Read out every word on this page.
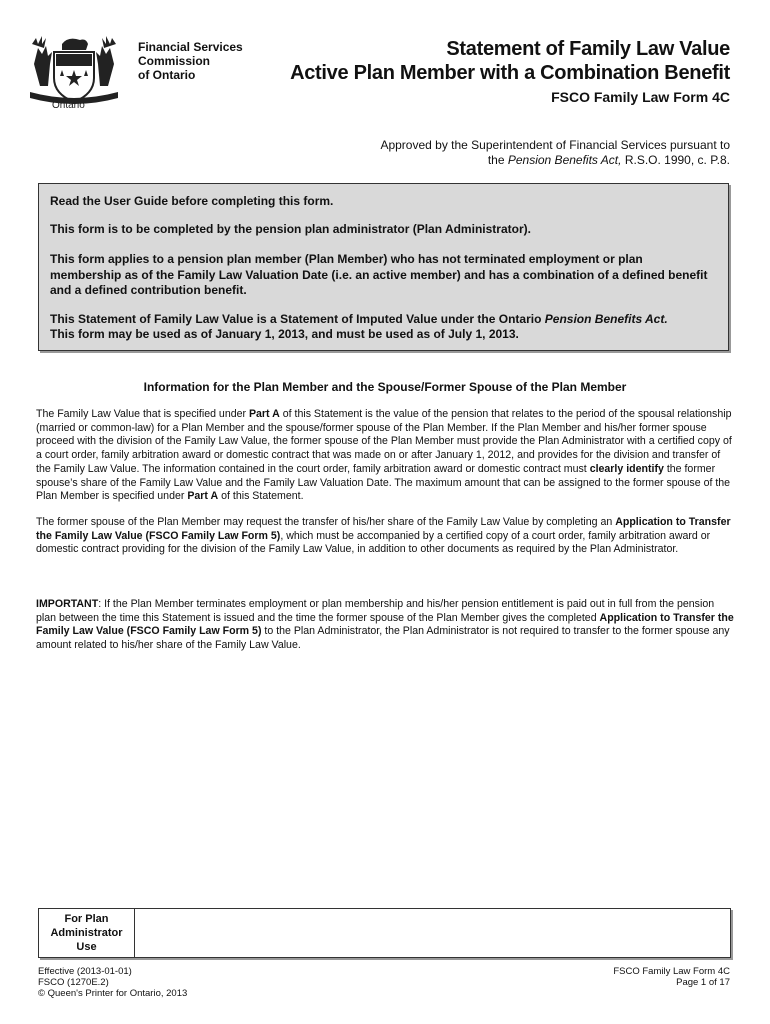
Ontario
Financial Services
Commission
of Ontario
Statement of Family Law Value
Active Plan Member with a Combination Benefit
FSCO Family Law Form 4C
Approved by the Superintendent of Financial Services pursuant to
the Pension Benefits Act, R.S.O. 1990, c. P.8.
Read the User Guide before completing this form.
This form is to be completed by the pension plan administrator (Plan Administrator).
This form applies to a pension plan member (Plan Member) who has not terminated employment or plan membership as of the Family Law Valuation Date (i.e. an active member) and has a combination of a defined benefit and a defined contribution benefit.
This Statement of Family Law Value is a Statement of Imputed Value under the Ontario Pension Benefits Act.
This form may be used as of January 1, 2013, and must be used as of July 1, 2013.
Information for the Plan Member and the Spouse/Former Spouse of the Plan Member
The Family Law Value that is specified under Part A of this Statement is the value of the pension that relates to the period of the spousal relationship (married or common-law) for a Plan Member and the spouse/former spouse of the Plan Member. If the Plan Member and his/her former spouse proceed with the division of the Family Law Value, the former spouse of the Plan Member must provide the Plan Administrator with a certified copy of a court order, family arbitration award or domestic contract that was made on or after January 1, 2012, and provides for the division and transfer of the Family Law Value. The information contained in the court order, family arbitration award or domestic contract must clearly identify the former spouse’s share of the Family Law Value and the Family Law Valuation Date. The maximum amount that can be assigned to the former spouse of the Plan Member is specified under Part A of this Statement.
The former spouse of the Plan Member may request the transfer of his/her share of the Family Law Value by completing an Application to Transfer the Family Law Value (FSCO Family Law Form 5), which must be accompanied by a certified copy of a court order, family arbitration award or domestic contract providing for the division of the Family Law Value, in addition to other documents as required by the Plan Administrator.
IMPORTANT: If the Plan Member terminates employment or plan membership and his/her pension entitlement is paid out in full from the pension plan between the time this Statement is issued and the time the former spouse of the Plan Member gives the completed Application to Transfer the Family Law Value (FSCO Family Law Form 5) to the Plan Administrator, the Plan Administrator is not required to transfer to the former spouse any amount related to his/her share of the Family Law Value.
For Plan
Administrator
Use
Effective (2013-01-01)
FSCO (1270E.2)
© Queen's Printer for Ontario, 2013
FSCO Family Law Form 4C
Page 1 of 17
